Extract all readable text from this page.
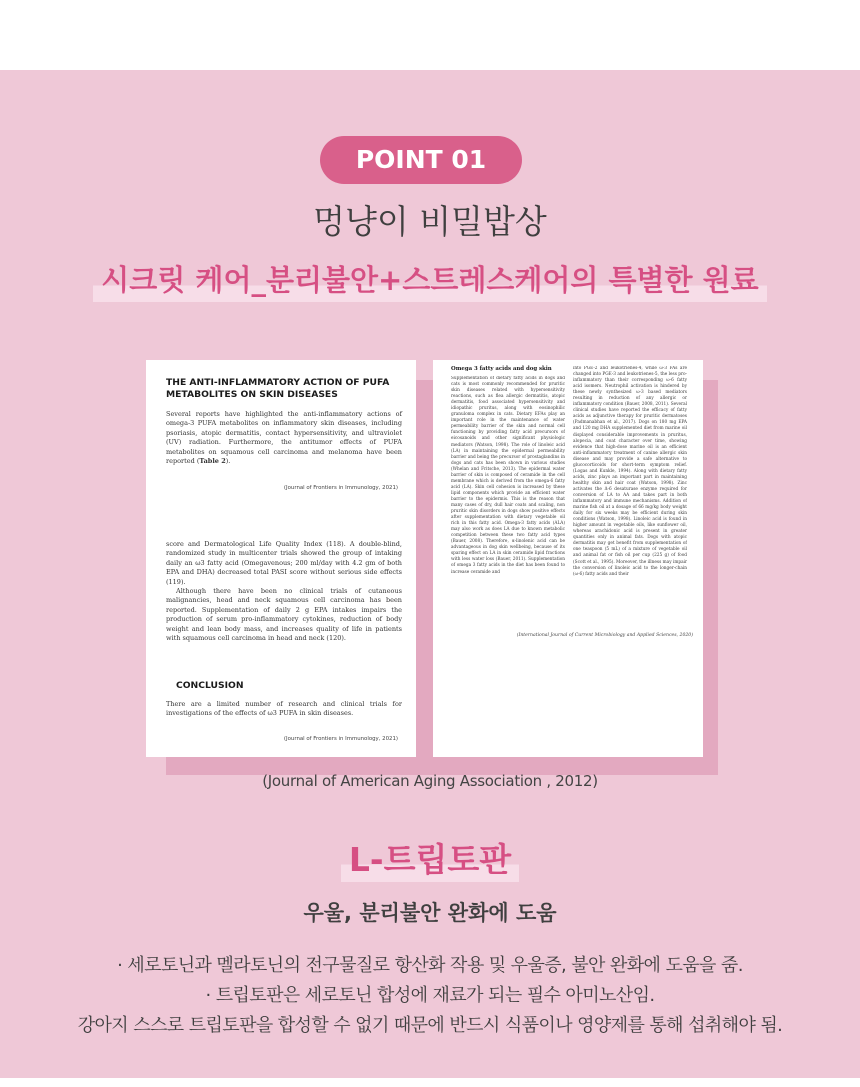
POINT 01
멍냥이 비밀밥상
시크릿 케어_분리불안+스트레스케어의 특별한 원료
THE ANTI-INFLAMMATORY ACTION OF PUFA METABOLITES ON SKIN DISEASES
Several reports have highlighted the anti-inflammatory actions of omega-3 PUFA metabolites on inflammatory skin diseases, including psoriasis, atopic dermatitis, contact hypersensitivity, and ultraviolet (UV) radiation. Furthermore, the antitumor effects of PUFA metabolites on squamous cell carcinoma and melanoma have been reported (Table 2).
(Journal of Frontiers in Immunology, 2021)
score and Dermatological Life Quality Index (118). A double-blind, randomized study in multicenter trials showed the group of intaking daily an ω3 fatty acid (Omegavenous; 200 ml/day with 4.2 gm of both EPA and DHA) decreased total PASI score without serious side effects (119).
Although there have been no clinical trials of cutaneous malignancies, head and neck squamous cell carcinoma has been reported. Supplementation of daily 2 g EPA intakes impairs the production of serum pro-inflammatory cytokines, reduction of body weight and lean body mass, and increases quality of life in patients with squamous cell carcinoma in head and neck (120).
CONCLUSION
There are a limited number of research and clinical trials for investigations of the effects of ω3 PUFA in skin diseases.
(Journal of Frontiers in Immunology, 2021)
Omega 3 fatty acids and dog skin
Supplementation of dietary fatty acids in dogs and cats is most commonly recommended for pruritic skin diseases related with hypersensitivity reactions, such as flea allergic dermatitis, atopic dermatitis, food associated hypersensitivity and idiopathic pruritus, along with eosinophilic granuloma complex in cats. Dietary EFAs play an important role in the maintenance of water permeability barrier of the skin and normal cell functioning by providing fatty acid precursors of eicosanoids and other significant physiologic mediators (Watson, 1998). The role of linoleic acid (LA) in maintaining the epidermal permeability barrier and being the precursor of prostaglandins in dogs and cats has been shown in various studies (Whelan and Fritsche, 2013). The epidermal water barrier of skin is composed of ceramide in the cell membrane which is derived from the omega-6 fatty acid (LA). Skin cell cohesion is increased by these lipid components which provide an efficient water barrier to the epidermis. This is the reason that many cases of dry, dull hair coats and scaling, non pruritic skin disorders in dogs show positive effects after supplementation with dietary vegetable oil rich in this fatty acid. Omega-3 fatty acids (ALA) may also work as does LA due to known metabolic competition between these two fatty acid types (Bauer, 2008). Therefore, α-linolenic acid can be advantageous in dog skin wellbeing, because of its sparing effect on LA in skin ceramide lipid fractions with less water loss (Bauer, 2011). Supplementation of omega 3 fatty acids in the diet has been found to increase ceramide and
into PGE-2 and leukotrienes-4, while ω-3 FAs are changed into PGE-3 and leukotrienes-5, the less pro-inflammatory than their corresponding ω-6 fatty acid isomers. Neutrophil activation is hindered by these newly synthesized ω-3 based mediators resulting in reduction of any allergic or inflammatory condition (Bauer, 2008, 2011). Several clinical studies have reported the efficacy of fatty acids as adjunctive therapy for pruritic dermatoses (Padmanabhan et al., 2017). Dogs on 180 mg EPA and 120 mg DHA supplemented diet from marine oil displayed considerable improvements in pruritus, alopecia, and coat character over time, showing evidence that high-dose marine oil is an efficient anti-inflammatory treatment of canine allergic skin disease and may provide a safe alternative to glucocorticoids for short-term symptom relief. (Logas and Kunkle, 1994). Along with dietary fatty acids, zinc plays an important part in maintaining healthy skin and hair coat (Watson, 1998). Zinc activates the Δ-6 desaturase enzyme required for conversion of LA to AA and takes part in both inflammatory and immune mechanisms. Addition of marine fish oil at a dosage of 66 mg/kg body weight daily for six weeks may be efficient during skin conditions (Watson, 1998). Linoleic acid is found in higher amount in vegetable oils, like sunflower oil, whereas arachidonic acid is present in greater quantities only in animal fats. Dogs with atopic dermatitis may get benefit from supplementation of one teaspoon (5 mL) of a mixture of vegetable oil and animal fat or fish oil per cup (225 g) of food (Scott et al., 1995). Moreover, the illness may impair the conversion of linoleic acid to the longer-chain (ω-6) fatty acids and their
(International Journal of Current Microbiology and Applied Sciences, 2020)
(Journal of American Aging Association , 2012)
L-트립토판
우울, 분리불안 완화에 도움
· 세로토닌과 멜라토닌의 전구물질로 항산화 작용 및 우울증, 불안 완화에 도움을 줌.
· 트립토판은 세로토닌 합성에 재료가 되는 필수 아미노산임.
강아지 스스로 트립토판을 합성할 수 없기 때문에 반드시 식품이나 영양제를 통해 섭취해야 됨.
